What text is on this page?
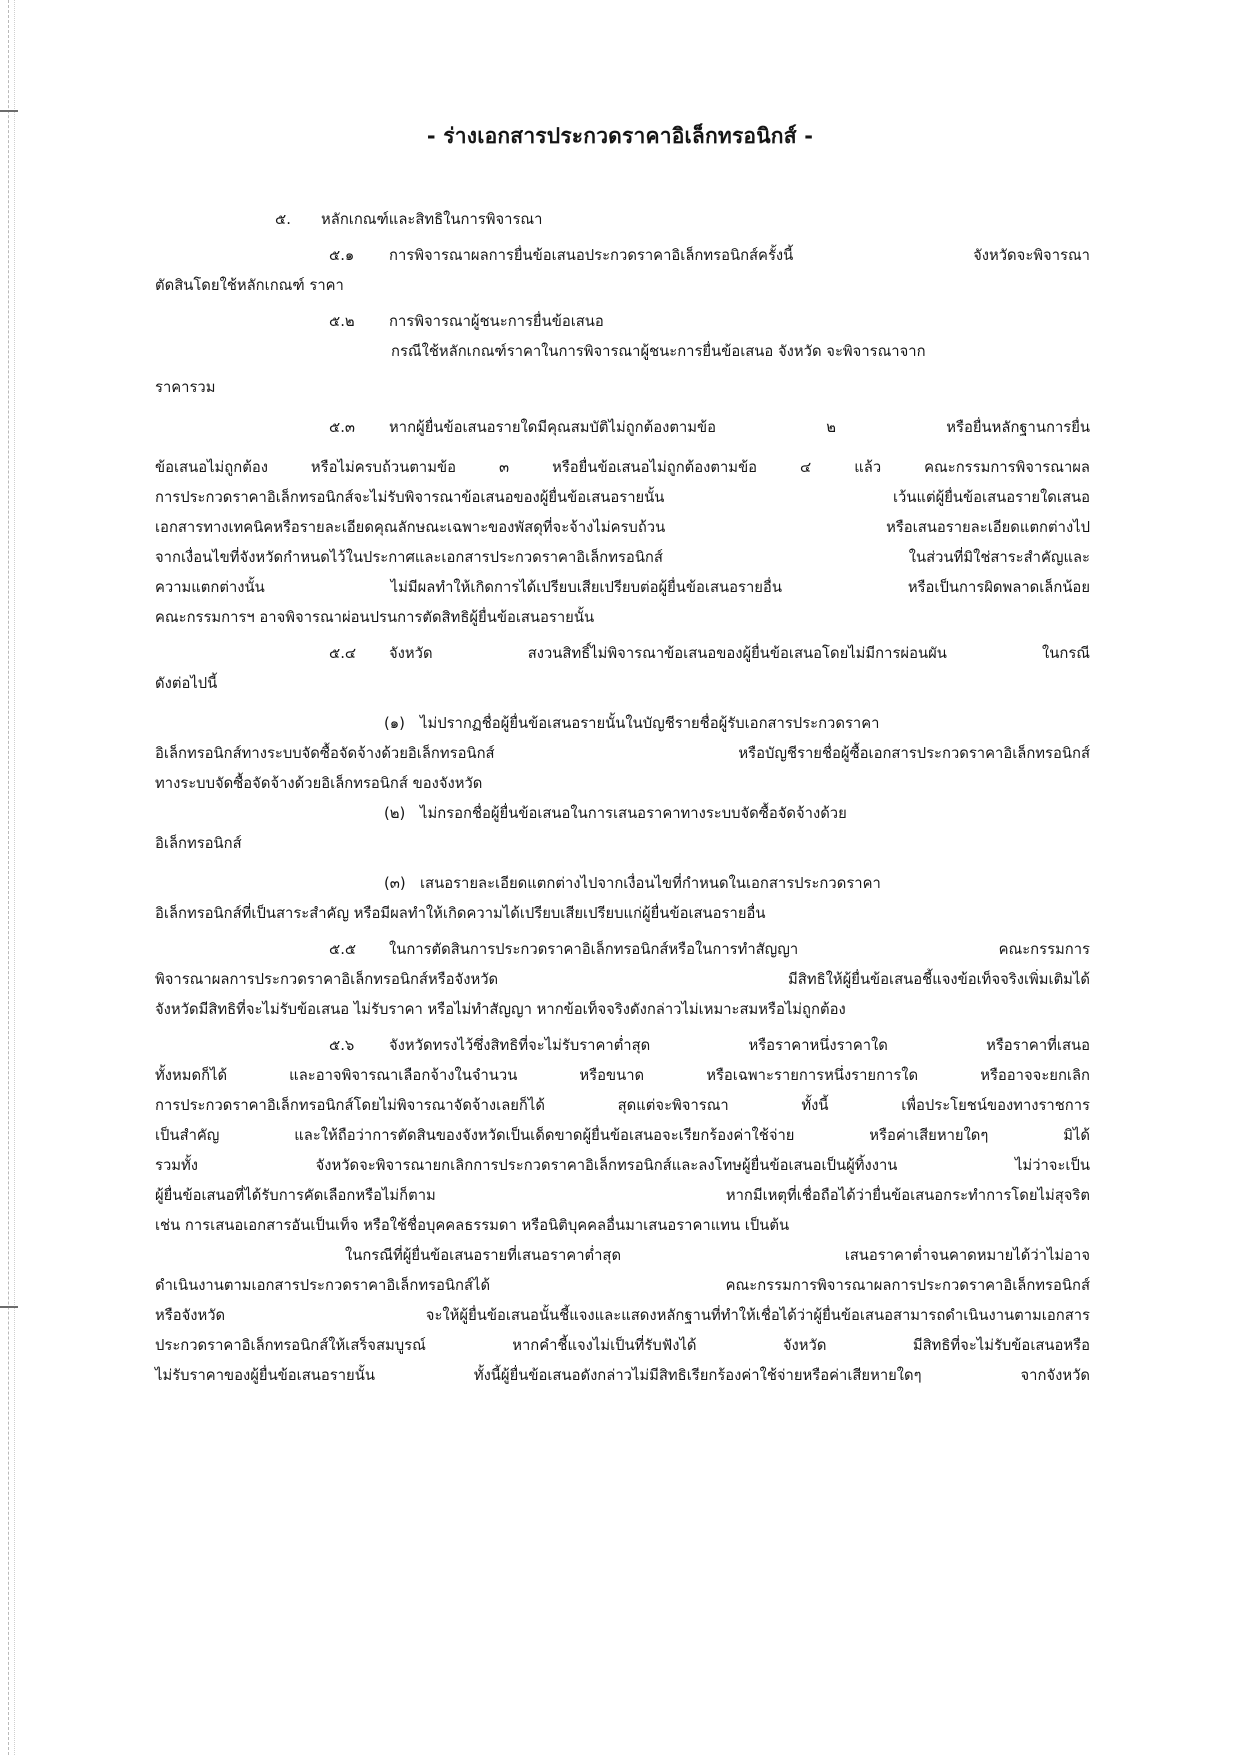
- ร่างเอกสารประกวดราคาอิเล็กทรอนิกส์ -
๕.	หลักเกณฑ์และสิทธิในการพิจารณา
๕.๑	การพิจารณาผลการยื่นข้อเสนอประกวดราคาอิเล็กทรอนิกส์ครั้งนี้ จังหวัดจะพิจารณา
ตัดสินโดยใช้หลักเกณฑ์ ราคา
๕.๒	การพิจารณาผู้ชนะการยื่นข้อเสนอ
กรณีใช้หลักเกณฑ์ราคาในการพิจารณาผู้ชนะการยื่นข้อเสนอ จังหวัด จะพิจารณาจาก
ราคารวม
๕.๓	หากผู้ยื่นข้อเสนอรายใดมีคุณสมบัติไม่ถูกต้องตามข้อ ๒ หรือยื่นหลักฐานการยื่น
ข้อเสนอไม่ถูกต้อง หรือไม่ครบถ้วนตามข้อ ๓ หรือยื่นข้อเสนอไม่ถูกต้องตามข้อ ๔ แล้ว คณะกรรมการพิจารณาผล
การประกวดราคาอิเล็กทรอนิกส์จะไม่รับพิจารณาข้อเสนอของผู้ยื่นข้อเสนอรายนั้น เว้นแต่ผู้ยื่นข้อเสนอรายใดเสนอ
เอกสารทางเทคนิคหรือรายละเอียดคุณลักษณะเฉพาะของพัสดุที่จะจ้างไม่ครบถ้วน หรือเสนอรายละเอียดแตกต่างไป
จากเงื่อนไขที่จังหวัดกำหนดไว้ในประกาศและเอกสารประกวดราคาอิเล็กทรอนิกส์ ในส่วนที่มิใช่สาระสำคัญและ
ความแตกต่างนั้น ไม่มีผลทำให้เกิดการได้เปรียบเสียเปรียบต่อผู้ยื่นข้อเสนอรายอื่น หรือเป็นการผิดพลาดเล็กน้อย
คณะกรรมการฯ อาจพิจารณาผ่อนปรนการตัดสิทธิผู้ยื่นข้อเสนอรายนั้น
๕.๔	จังหวัด สงวนสิทธิ์ไม่พิจารณาข้อเสนอของผู้ยื่นข้อเสนอโดยไม่มีการผ่อนผัน ในกรณี
ดังต่อไปนี้
(๑)	ไม่ปรากฏชื่อผู้ยื่นข้อเสนอรายนั้นในบัญชีรายชื่อผู้รับเอกสารประกวดราคา
อิเล็กทรอนิกส์ทางระบบจัดซื้อจัดจ้างด้วยอิเล็กทรอนิกส์ หรือบัญชีรายชื่อผู้ซื้อเอกสารประกวดราคาอิเล็กทรอนิกส์
ทางระบบจัดซื้อจัดจ้างด้วยอิเล็กทรอนิกส์ ของจังหวัด
(๒) ไม่กรอกชื่อผู้ยื่นข้อเสนอในการเสนอราคาทางระบบจัดซื้อจัดจ้างด้วย
อิเล็กทรอนิกส์
(๓) เสนอรายละเอียดแตกต่างไปจากเงื่อนไขที่กำหนดในเอกสารประกวดราคา
อิเล็กทรอนิกส์ที่เป็นสาระสำคัญ หรือมีผลทำให้เกิดความได้เปรียบเสียเปรียบแก่ผู้ยื่นข้อเสนอรายอื่น
๕.๕	ในการตัดสินการประกวดราคาอิเล็กทรอนิกส์หรือในการทำสัญญา คณะกรรมการ
พิจารณาผลการประกวดราคาอิเล็กทรอนิกส์หรือจังหวัด มีสิทธิให้ผู้ยื่นข้อเสนอชี้แจงข้อเท็จจริงเพิ่มเติมได้
จังหวัดมีสิทธิที่จะไม่รับข้อเสนอ ไม่รับราคา หรือไม่ทำสัญญา หากข้อเท็จจริงดังกล่าวไม่เหมาะสมหรือไม่ถูกต้อง
๕.๖	จังหวัดทรงไว้ซึ่งสิทธิที่จะไม่รับราคาต่ำสุด หรือราคาหนึ่งราคาใด หรือราคาที่เสนอ
ทั้งหมดก็ได้ และอาจพิจารณาเลือกจ้างในจำนวน หรือขนาด หรือเฉพาะรายการหนึ่งรายการใด หรืออาจจะยกเลิก
การประกวดราคาอิเล็กทรอนิกส์โดยไม่พิจารณาจัดจ้างเลยก็ได้ สุดแต่จะพิจารณา ทั้งนี้ เพื่อประโยชน์ของทางราชการ
เป็นสำคัญ และให้ถือว่าการตัดสินของจังหวัดเป็นเด็ดขาดผู้ยื่นข้อเสนอจะเรียกร้องค่าใช้จ่าย หรือค่าเสียหายใดๆ มิได้
รวมทั้ง จังหวัดจะพิจารณายกเลิกการประกวดราคาอิเล็กทรอนิกส์และลงโทษผู้ยื่นข้อเสนอเป็นผู้ทิ้งงาน ไม่ว่าจะเป็น
ผู้ยื่นข้อเสนอที่ได้รับการคัดเลือกหรือไม่ก็ตาม หากมีเหตุที่เชื่อถือได้ว่ายื่นข้อเสนอกระทำการโดยไม่สุจริต
เช่น การเสนอเอกสารอันเป็นเท็จ หรือใช้ชื่อบุคคลธรรมดา หรือนิติบุคคลอื่นมาเสนอราคาแทน เป็นต้น
ในกรณีที่ผู้ยื่นข้อเสนอรายที่เสนอราคาต่ำสุด เสนอราคาต่ำจนคาดหมายได้ว่าไม่อาจ
ดำเนินงานตามเอกสารประกวดราคาอิเล็กทรอนิกส์ได้ คณะกรรมการพิจารณาผลการประกวดราคาอิเล็กทรอนิกส์
หรือจังหวัด จะให้ผู้ยื่นข้อเสนอนั้นชี้แจงและแสดงหลักฐานที่ทำให้เชื่อได้ว่าผู้ยื่นข้อเสนอสามารถดำเนินงานตามเอกสาร
ประกวดราคาอิเล็กทรอนิกส์ให้เสร็จสมบูรณ์ หากคำชี้แจงไม่เป็นที่รับฟังได้ จังหวัด มีสิทธิที่จะไม่รับข้อเสนอหรือ
ไม่รับราคาของผู้ยื่นข้อเสนอรายนั้น ทั้งนี้ผู้ยื่นข้อเสนอดังกล่าวไม่มีสิทธิเรียกร้องค่าใช้จ่ายหรือค่าเสียหายใดๆ จากจังหวัด
